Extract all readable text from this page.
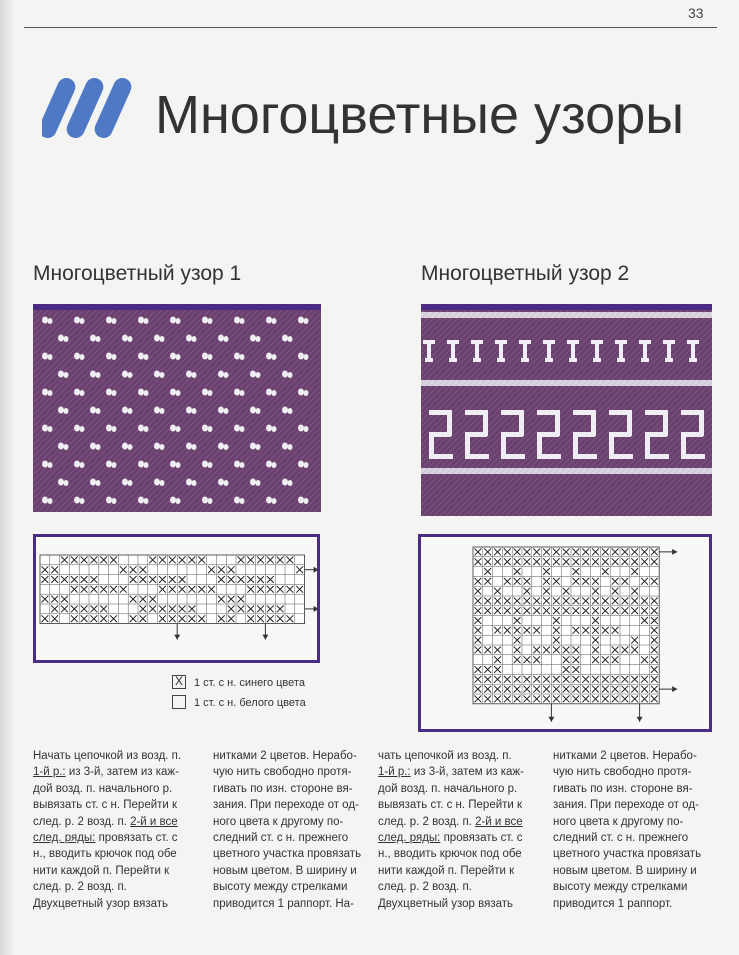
33
Многоцветные узоры
Многоцветный узор 1
X 1 ст. с н. синего цвета
1 ст. с н. белого цвета
Многоцветный узор 2

Начать цепочкой из возд. п.
1-й р.: из 3-й, затем из каждой возд. п. начального р. вывязать ст. с н. Перейти к след. р. 2 возд. п. 2-й и все след. ряды: провязать ст. с н., вводить крючок под обе нити каждой п. Перейти к след. р. 2 возд. п. Двухцветный узор вязать

нитками 2 цветов. Нерабочую нить свободно протягивать по изн. стороне вязания. При переходе от одного цвета к другому последний ст. с н. прежнего цветного участка провязать новым цветом. В ширину и высоту между стрелками приводится 1 раппорт. На-

чать цепочкой из возд. п.
1-й р.: из 3-й, затем из каждой возд. п. начального р. вывязать ст. с н. Перейти к след. р. 2 возд. п. 2-й и все след. ряды: провязать ст. с н., вводить крючок под обе нити каждой п. Перейти к след. р. 2 возд. п. Двухцветный узор вязать

нитками 2 цветов. Нерабочую нить свободно протягивать по изн. стороне вязания. При переходе от одного цвета к другому последний ст. с н. прежнего цветного участка провязать новым цветом. В ширину и высоту между стрелками приводится 1 раппорт.
